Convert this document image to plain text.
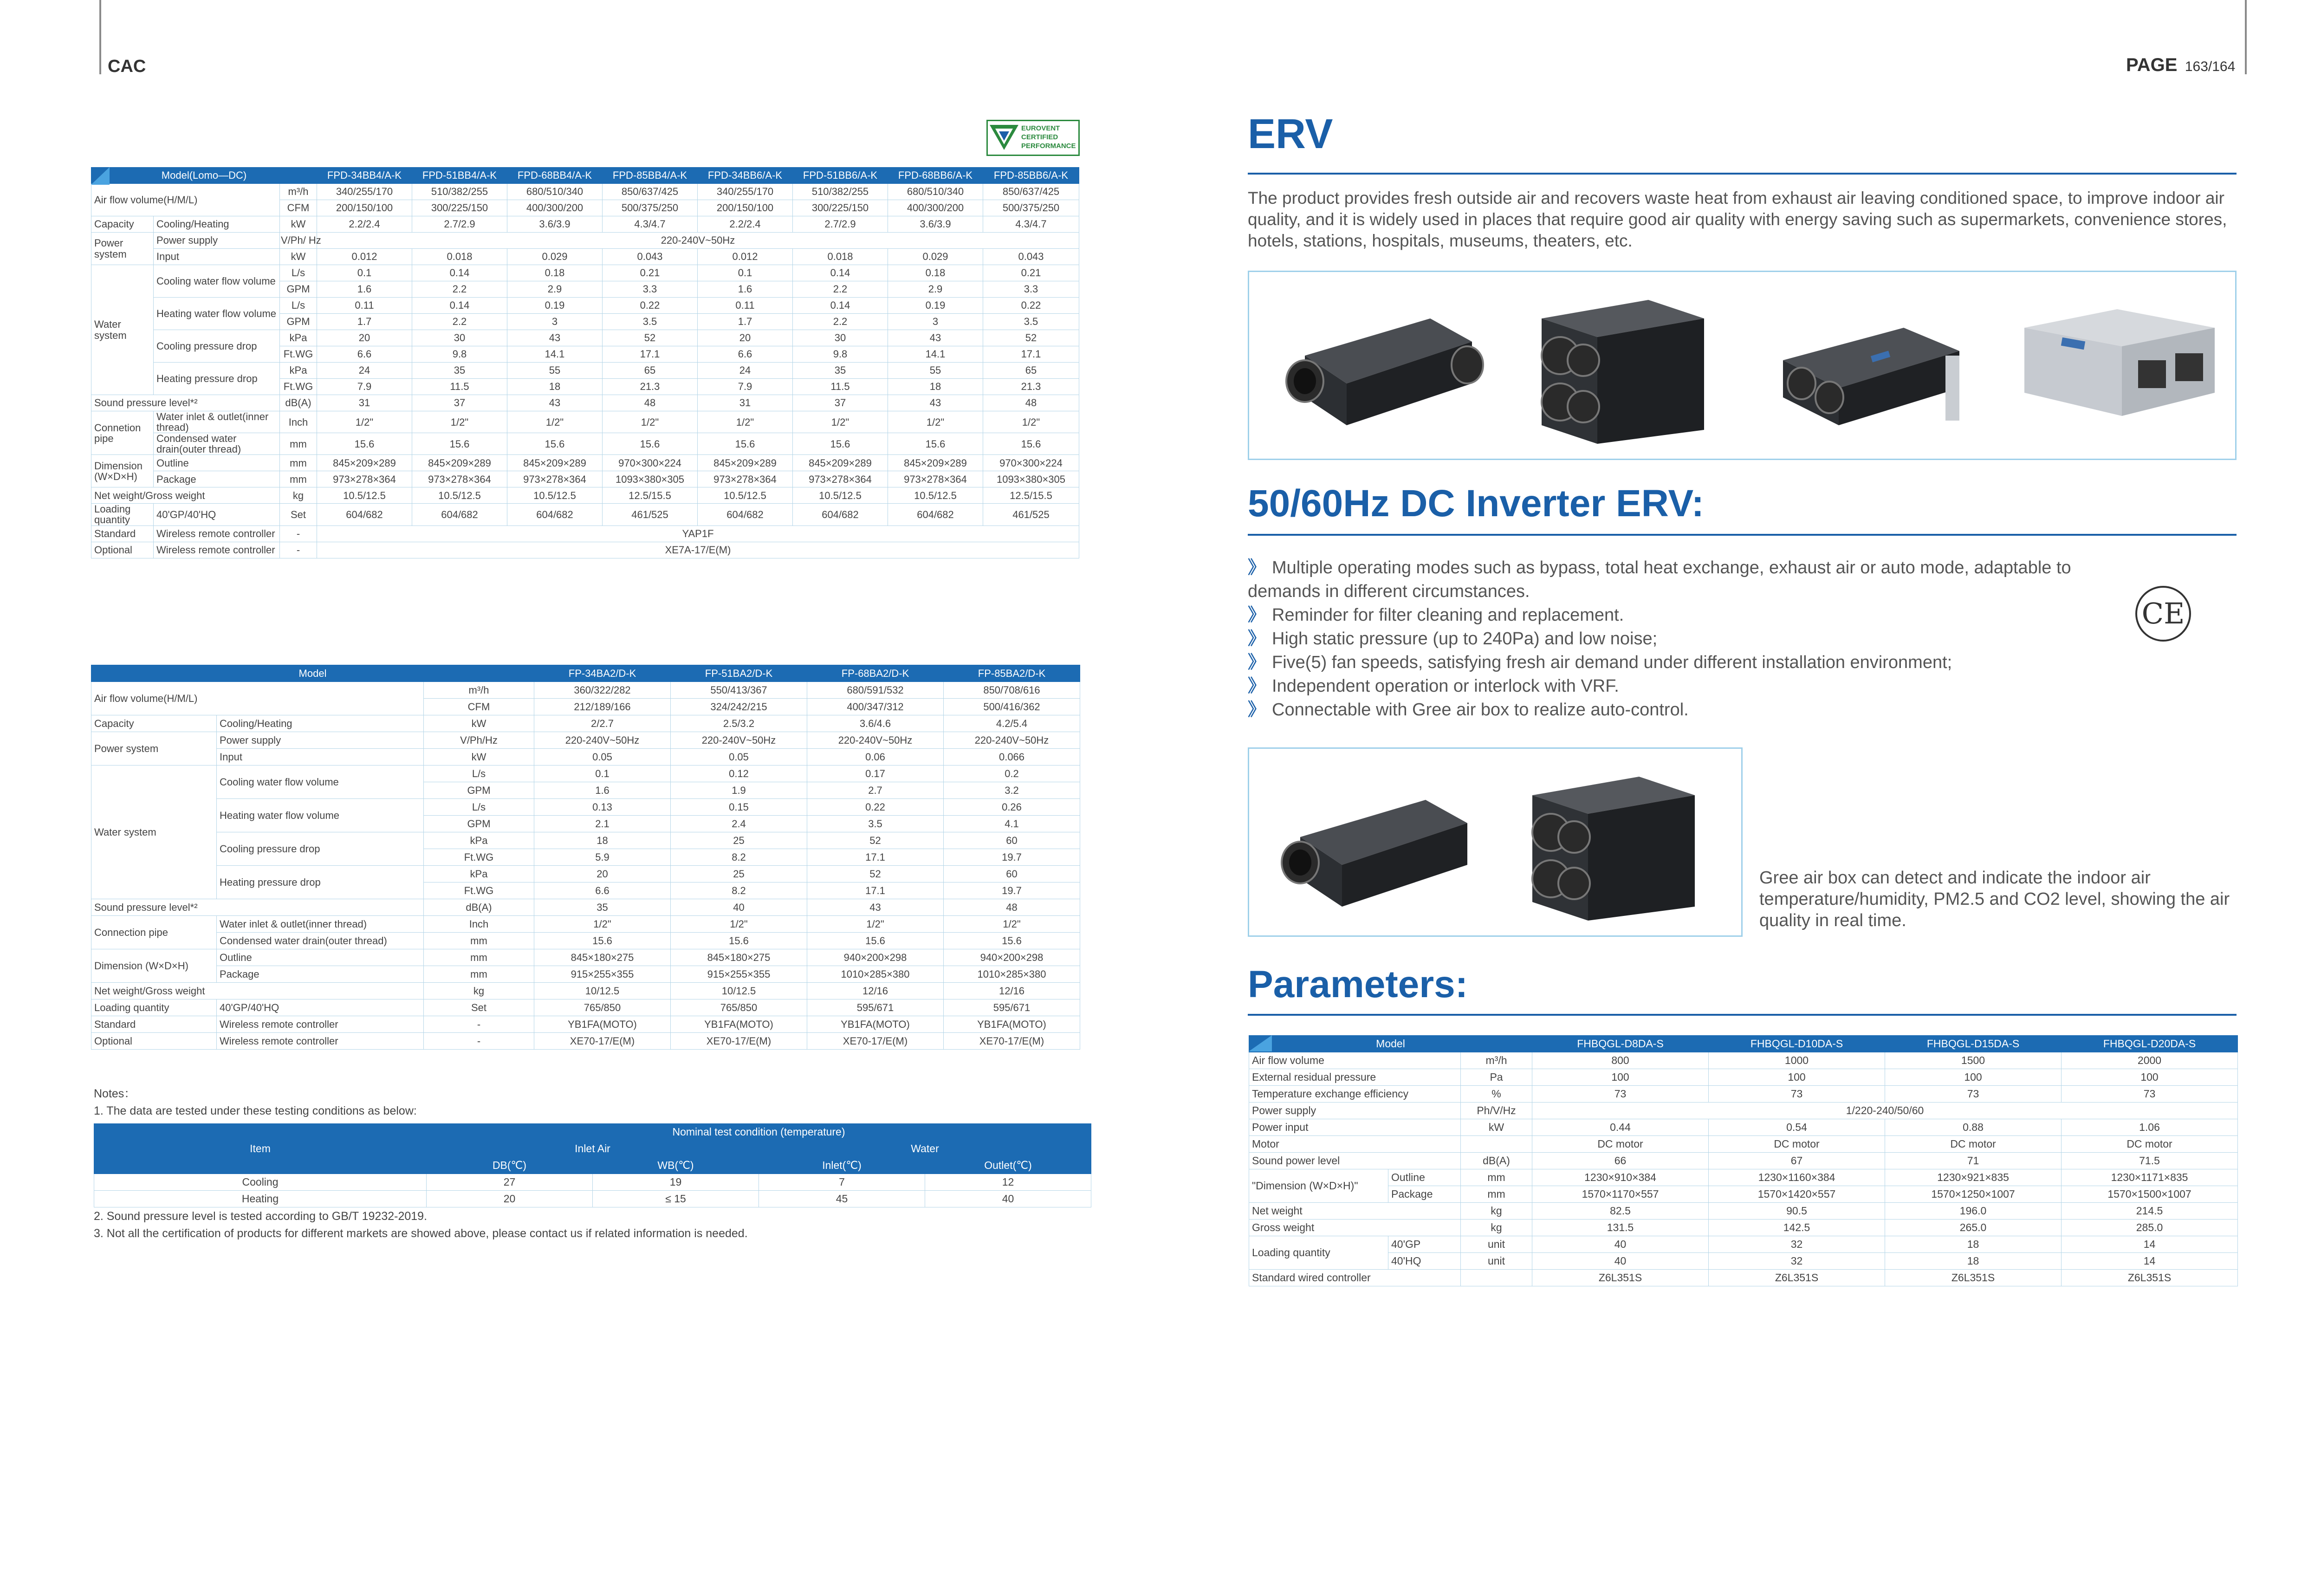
CAC	PAGE 163/164
EUROVENT
CERTIFIED
PERFORMANCE
Model(Lomo—DC)			FPD-34BB4/A-K	FPD-51BB4/A-K	FPD-68BB4/A-K	FPD-85BB4/A-K	FPD-34BB6/A-K	FPD-51BB6/A-K	FPD-68BB6/A-K	FPD-85BB6/A-K
Air flow volume(H/M/L)		m³/h	340/255/170	510/382/255	680/510/340	850/637/425	340/255/170	510/382/255	680/510/340	850/637/425
		CFM	200/150/100	300/225/150	400/300/200	500/375/250	200/150/100	300/225/150	400/300/200	500/375/250
Capacity	Cooling/Heating	kW	2.2/2.4	2.7/2.9	3.6/3.9	4.3/4.7	2.2/2.4	2.7/2.9	3.6/3.9	4.3/4.7
Power system	Power supply	V/Ph/ Hz	220-240V~50Hz							
	Input	kW	0.012	0.018	0.029	0.043	0.012	0.018	0.029	0.043
Water system	Cooling water flow volume	L/s	0.1	0.14	0.18	0.21	0.1	0.14	0.18	0.21
		GPM	1.6	2.2	2.9	3.3	1.6	2.2	2.9	3.3
	Heating water flow volume	L/s	0.11	0.14	0.19	0.22	0.11	0.14	0.19	0.22
		GPM	1.7	2.2	3	3.5	1.7	2.2	3	3.5
	Cooling pressure drop	kPa	20	30	43	52	20	30	43	52
		Ft.WG	6.6	9.8	14.1	17.1	6.6	9.8	14.1	17.1
	Heating pressure drop	kPa	24	35	55	65	24	35	55	65
		Ft.WG	7.9	11.5	18	21.3	7.9	11.5	18	21.3
Sound pressure level*²		dB(A)	31	37	43	48	31	37	43	48
Connetion pipe	Water inlet & outlet(inner thread)	Inch	1/2"	1/2"	1/2"	1/2"	1/2"	1/2"	1/2"	1/2"
	Condensed water drain(outer thread)	mm	15.6	15.6	15.6	15.6	15.6	15.6	15.6	15.6
Dimension (W×D×H)	Outline	mm	845×209×289	845×209×289	845×209×289	970×300×224	845×209×289	845×209×289	845×209×289	970×300×224
	Package	mm	973×278×364	973×278×364	973×278×364	1093×380×305	973×278×364	973×278×364	973×278×364	1093×380×305
Net weight/Gross weight		kg	10.5/12.5	10.5/12.5	10.5/12.5	12.5/15.5	10.5/12.5	10.5/12.5	10.5/12.5	12.5/15.5
Loading quantity	40'GP/40'HQ	Set	604/682	604/682	604/682	461/525	604/682	604/682	604/682	461/525
Standard	Wireless remote controller	-	YAP1F							
Optional	Wireless remote controller	-	XE7A-17/E(M)							
Model			FP-34BA2/D-K	FP-51BA2/D-K	FP-68BA2/D-K	FP-85BA2/D-K
Air flow volume(H/M/L)		m³/h	360/322/282	550/413/367	680/591/532	850/708/616
		CFM	212/189/166	324/242/215	400/347/312	500/416/362
Capacity	Cooling/Heating	kW	2/2.7	2.5/3.2	3.6/4.6	4.2/5.4
Power system	Power supply	V/Ph/Hz	220-240V~50Hz	220-240V~50Hz	220-240V~50Hz	220-240V~50Hz
	Input	kW	0.05	0.05	0.06	0.066
Water system	Cooling water flow volume	L/s	0.1	0.12	0.17	0.2
		GPM	1.6	1.9	2.7	3.2
	Heating water flow volume	L/s	0.13	0.15	0.22	0.26
		GPM	2.1	2.4	3.5	4.1
	Cooling pressure drop	kPa	18	25	52	60
		Ft.WG	5.9	8.2	17.1	19.7
	Heating pressure drop	kPa	20	25	52	60
		Ft.WG	6.6	8.2	17.1	19.7
Sound pressure level*²		dB(A)	35	40	43	48
Connection pipe	Water inlet & outlet(inner thread)	Inch	1/2"	1/2"	1/2"	1/2"
	Condensed water drain(outer thread)	mm	15.6	15.6	15.6	15.6
Dimension (W×D×H)	Outline	mm	845×180×275	845×180×275	940×200×298	940×200×298
	Package	mm	915×255×355	915×255×355	1010×285×380	1010×285×380
Net weight/Gross weight		kg	10/12.5	10/12.5	12/16	12/16
Loading quantity	40'GP/40'HQ	Set	765/850	765/850	595/671	595/671
Standard	Wireless remote controller	-	YB1FA(MOTO)	YB1FA(MOTO)	YB1FA(MOTO)	YB1FA(MOTO)
Optional	Wireless remote controller	-	XE70-17/E(M)	XE70-17/E(M)	XE70-17/E(M)	XE70-17/E(M)
Notes：
1. The data are tested under these testing conditions as below:
Item	Nominal test condition (temperature)			
	Inlet Air		Water	
	DB(℃)	WB(℃)	Inlet(℃)	Outlet(℃)
Cooling	27	19	7	12
Heating	20	≤ 15	45	40
2. Sound pressure level is tested according to GB/T 19232-2019.
3. Not all the certification of products for different markets are showed above, please contact us if related information is needed.
ERV
The product provides fresh outside air and recovers waste heat from exhaust air leaving conditioned space, to improve indoor air quality, and it is widely used in places that require good air quality with energy saving such as supermarkets, convenience stores, hotels, stations, hospitals, museums, theaters, etc.
50/60Hz DC Inverter ERV:
》 Multiple operating modes such as bypass, total heat exchange, exhaust air or auto mode, adaptable to demands in different circumstances.
》 Reminder for filter cleaning and replacement.
》 High static pressure (up to 240Pa) and low noise;
》 Five(5) fan speeds, satisfying fresh air demand under different installation environment;
》 Independent operation or interlock with VRF.
》 Connectable with Gree air box to realize auto-control.
CE
Gree air box can detect and indicate the indoor air temperature/humidity, PM2.5 and CO2 level, showing the air quality in real time.
Parameters:
Model			FHBQGL-D8DA-S	FHBQGL-D10DA-S	FHBQGL-D15DA-S	FHBQGL-D20DA-S
Air flow volume		m³/h	800	1000	1500	2000
External residual pressure		Pa	100	100	100	100
Temperature exchange efficiency		%	73	73	73	73
Power supply		Ph/V/Hz	1/220-240/50/60			
Power input		kW	0.44	0.54	0.88	1.06
Motor			DC motor	DC motor	DC motor	DC motor
Sound power level		dB(A)	66	67	71	71.5
"Dimension (W×D×H)"	Outline	mm	1230×910×384	1230×1160×384	1230×921×835	1230×1171×835
	Package	mm	1570×1170×557	1570×1420×557	1570×1250×1007	1570×1500×1007
Net weight		kg	82.5	90.5	196.0	214.5
Gross weight		kg	131.5	142.5	265.0	285.0
Loading quantity	40'GP	unit	40	32	18	14
	40'HQ	unit	40	32	18	14
Standard wired controller			Z6L351S	Z6L351S	Z6L351S	Z6L351S
